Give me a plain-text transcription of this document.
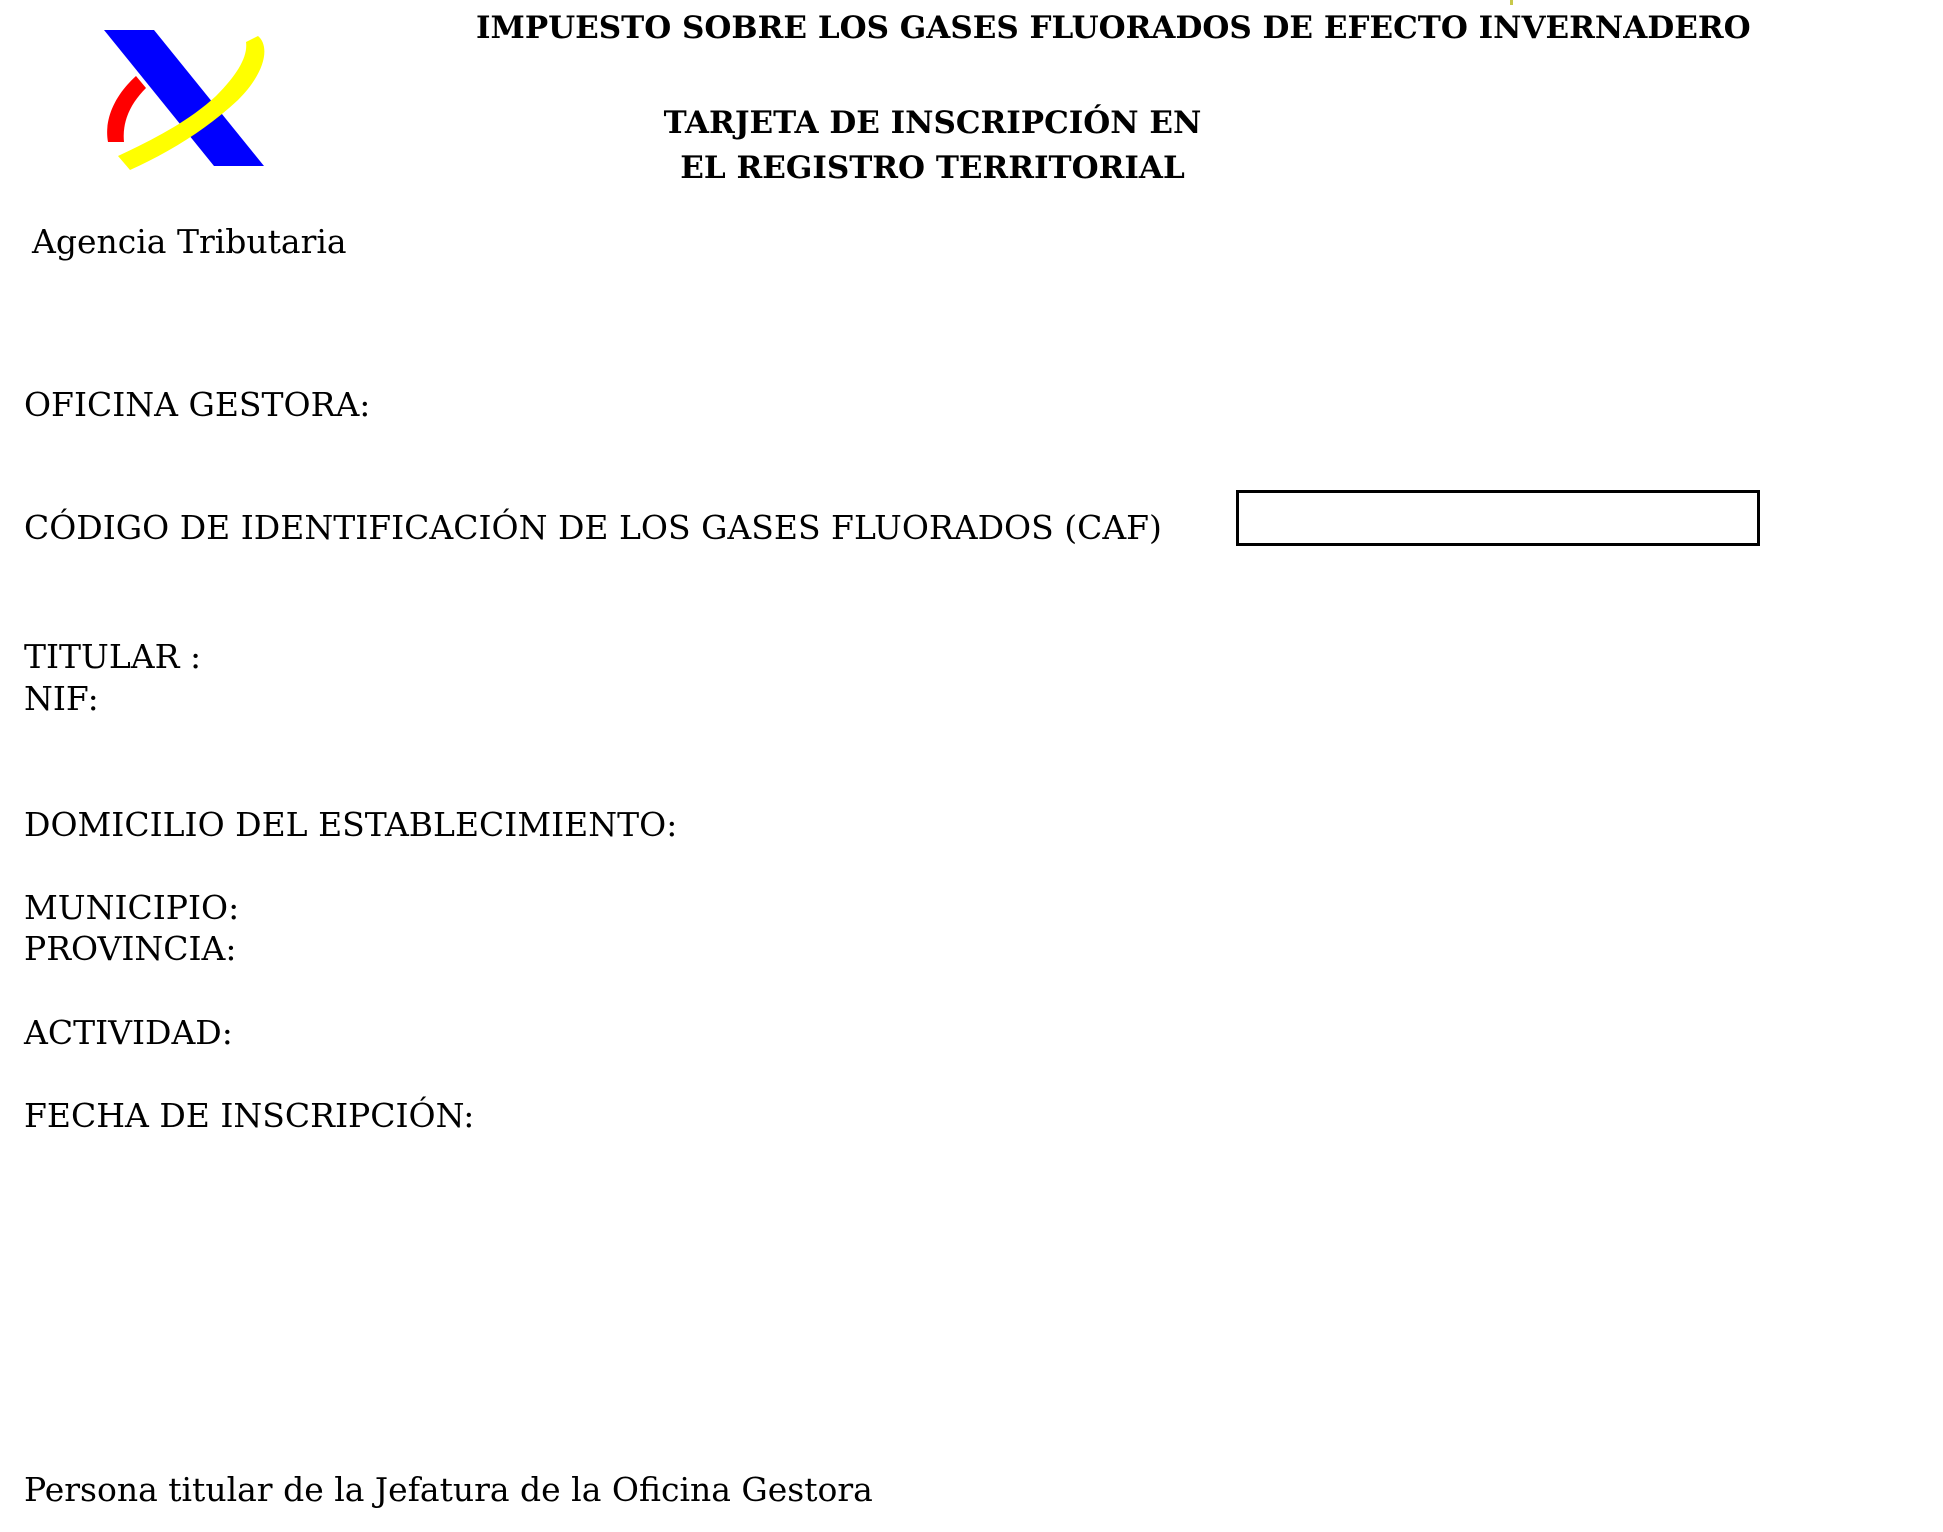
Agencia Tributaria
IMPUESTO SOBRE LOS GASES FLUORADOS DE EFECTO INVERNADERO
TARJETA DE INSCRIPCIÓN EN
EL REGISTRO TERRITORIAL
OFICINA GESTORA:
CÓDIGO DE IDENTIFICACIÓN DE LOS GASES FLUORADOS (CAF)
TITULAR :
NIF:
DOMICILIO DEL ESTABLECIMIENTO:
MUNICIPIO:
PROVINCIA:
ACTIVIDAD:
FECHA DE INSCRIPCIÓN:
Persona titular de la Jefatura de la Oficina Gestora
